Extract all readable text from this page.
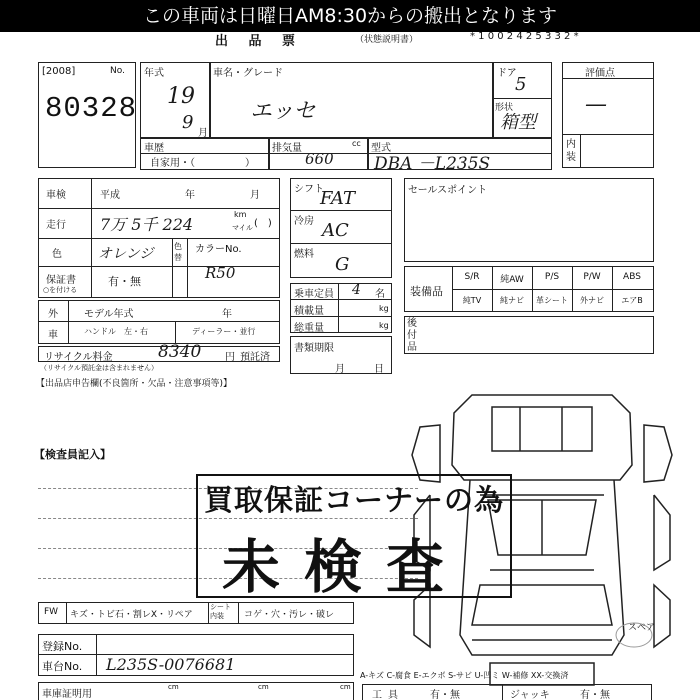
この車両は日曜日AM8:30からの搬出となります
出 品 票	（状態説明書）	* 1 0 0 2 4 2 5 3 3 2 *
[2008]	No.
80328
年式
19
9
月
車名・グレード
エッセ
ドア
5
形状
箱型
車歴
自家用・（　　　　　）
排気量	cc
660
型式
DBA －L235S
評価点
—
内装
車検	平成	年	月
走行 7万 5千 224
km
マイル (　)
色	オレンジ	色替
カラーNo.
R50
保証書	有・無
○を付ける
外
車
モデル年式	年
ハンドル　左・右	ディーラー・並行
リサイクル料金	8340 円 預託済
（リサイクル預託金は含まれません）
シフト
FAT
冷房 AC
燃料 G
乗車定員 4 名
積載量	kg
総重量	kg
書類期限
月	日
セールスポイント
装備品
S/R	純AW	P/S	P/W	ABS
純TV	純ナビ	革シート	外ナビ	エアB
後付品
【出品店申告欄(不良箇所・欠品・注意事項等)】
【検査員記入】
スペア
買取保証コーナーの為
未検査
FW キズ・トビ石・割レX・リペア
シート内装	コゲ・穴・汚レ・破レ
登録No.
車台No. L235S-0076681
車庫証明用
cm	cm	cm
A-キズ C-腐食 E-エクボ S-サビ U-凹ミ W-補修 XX-交換済
工具	有・無	ジャッキ	有・無
